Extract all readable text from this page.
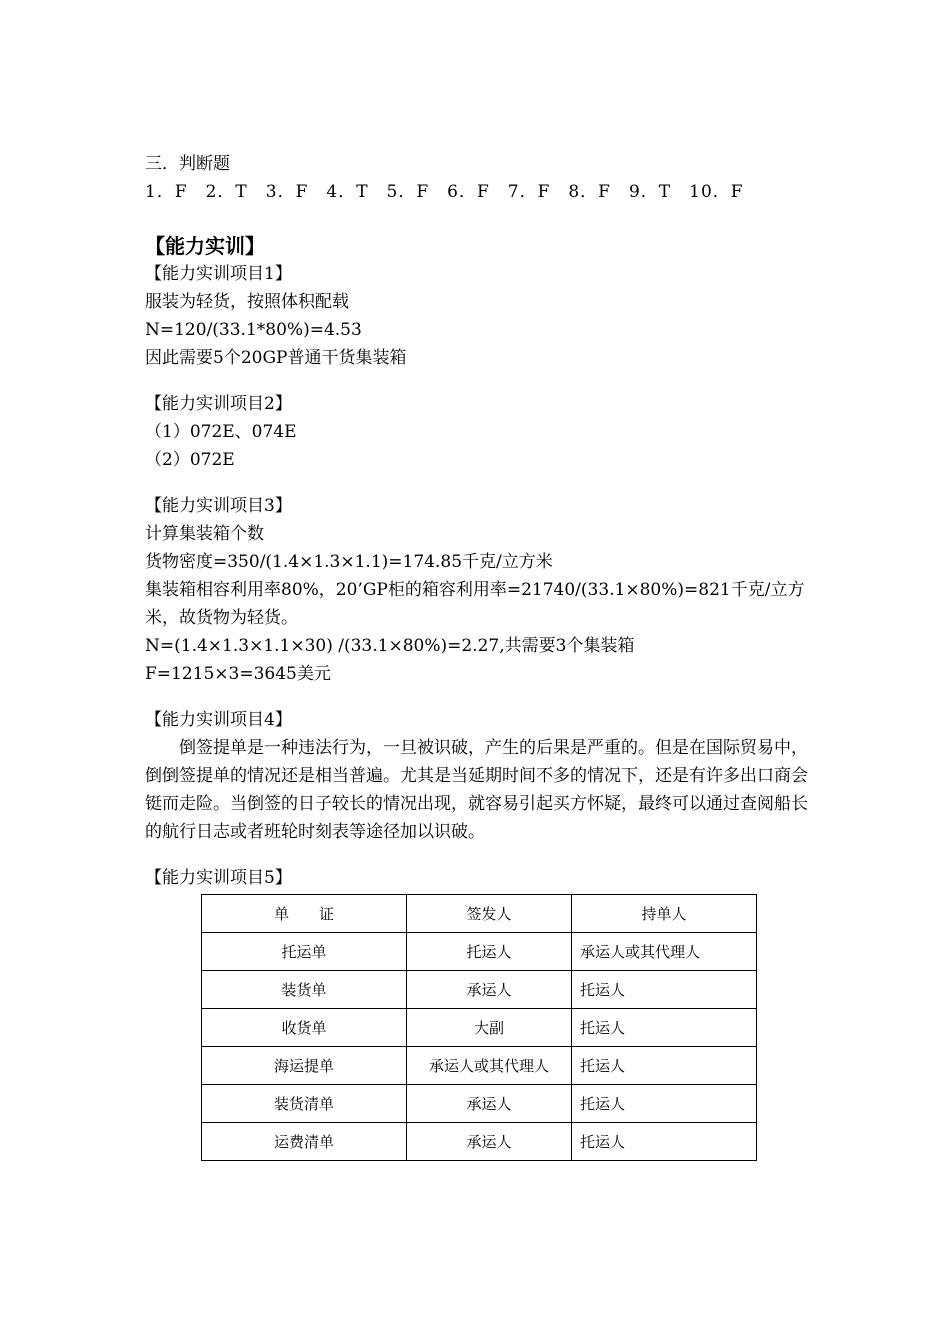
三．判断题
1．F　2．T　3．F　4．T　5．F　6．F　7．F　8．F　9．T　10．F
【能力实训】
【能力实训项目1】
服装为轻货，按照体积配载
N=120/(33.1*80%)=4.53
因此需要5个20GP普通干货集装箱
【能力实训项目2】
（1）072E、074E
（2）072E
【能力实训项目3】
计算集装箱个数
货物密度=350/(1.4×1.3×1.1)=174.85千克/立方米
集装箱相容利用率80%，20’GP柜的箱容利用率=21740/(33.1×80%)=821千克/立方米，故货物为轻货。
N=(1.4×1.3×1.1×30) /(33.1×80%)=2.27,共需要3个集装箱
F=1215×3=3645美元
【能力实训项目4】
倒签提单是一种违法行为，一旦被识破，产生的后果是严重的。但是在国际贸易中，倒倒签提单的情况还是相当普遍。尤其是当延期时间不多的情况下，还是有许多出口商会铤而走险。当倒签的日子较长的情况出现，就容易引起买方怀疑，最终可以通过查阅船长的航行日志或者班轮时刻表等途径加以识破。
【能力实训项目5】
单　　证	签发人	持单人
托运单	托运人	承运人或其代理人
装货单	承运人	托运人
收货单	大副	托运人
海运提单	承运人或其代理人	托运人
装货清单	承运人	托运人
运费清单	承运人	托运人
